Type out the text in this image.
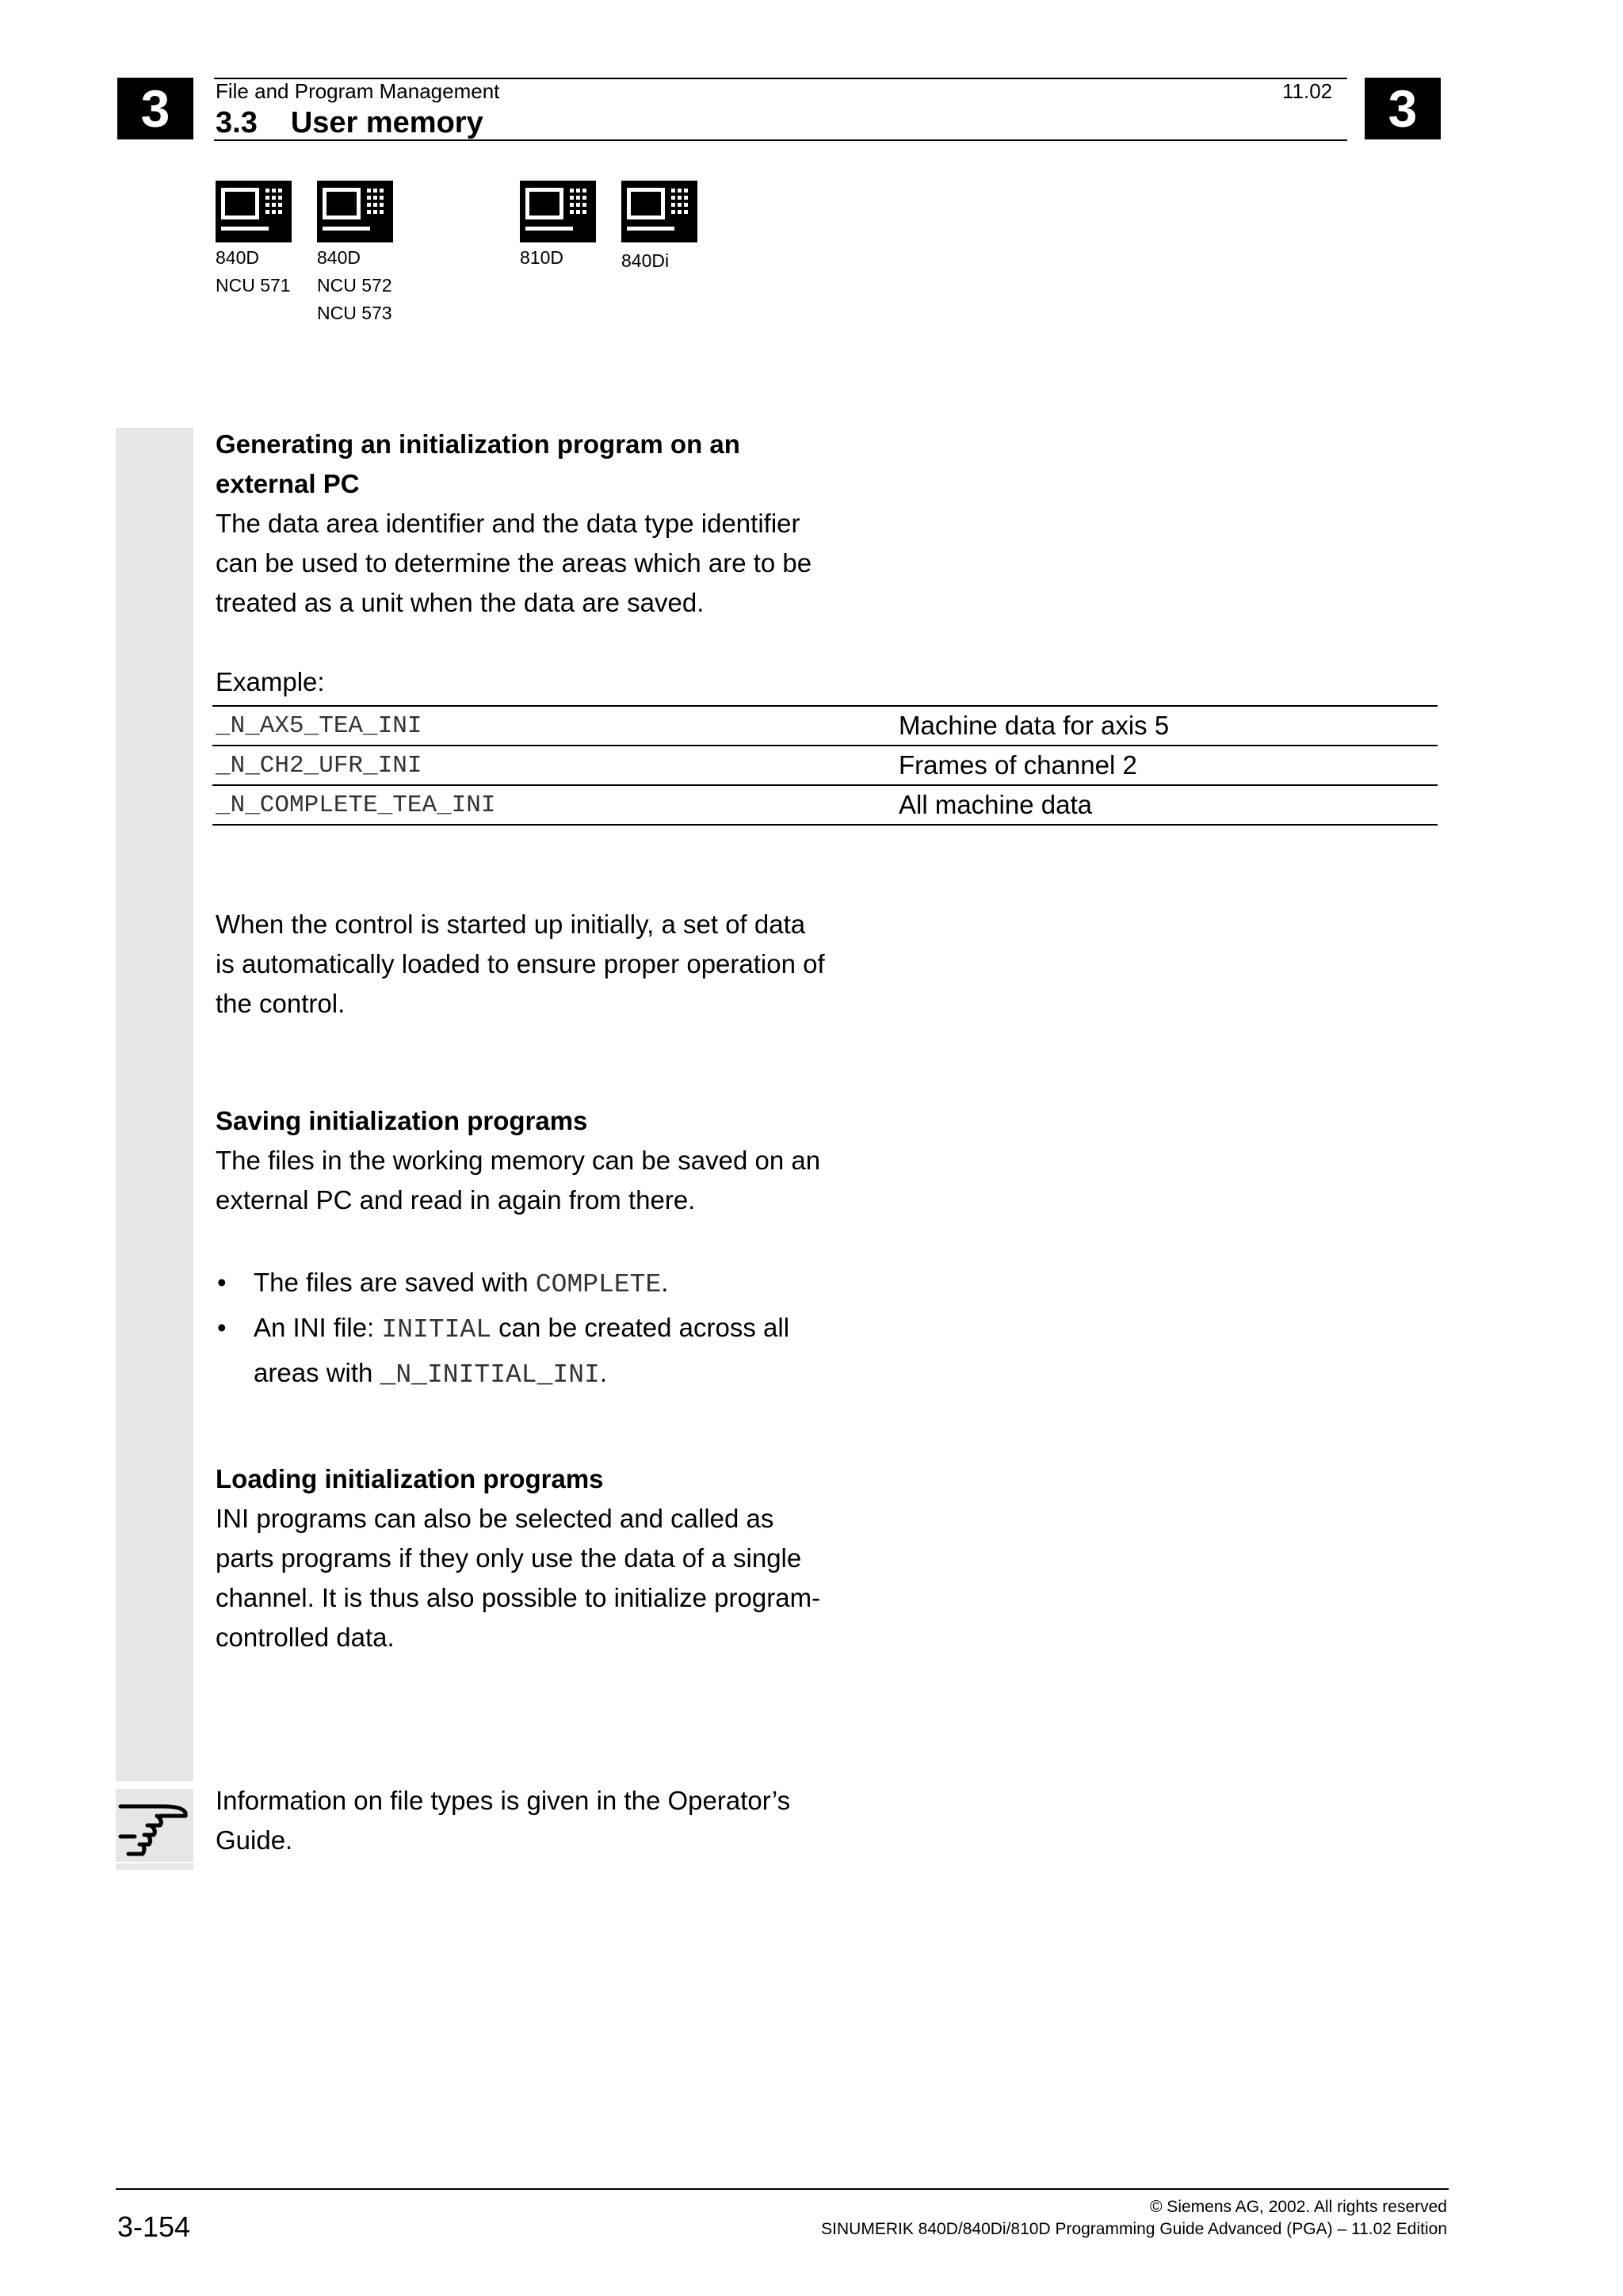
3	3
File and Program Management	11.02
3.3 User memory
840D
NCU 571
840D
NCU 572
NCU 573
810D	840Di
Generating an initialization program on an
external PC
The data area identifier and the data type identifier
can be used to determine the areas which are to be
treated as a unit when the data are saved.
Example:
_N_AX5_TEA_INI	Machine data for axis 5
_N_CH2_UFR_INI	Frames of channel 2
_N_COMPLETE_TEA_INI	All machine data
When the control is started up initially, a set of data
is automatically loaded to ensure proper operation of
the control.
Saving initialization programs
The files in the working memory can be saved on an
external PC and read in again from there.
• The files are saved with COMPLETE.
• An INI file: INITIAL can be created across all
areas with _N_INITIAL_INI.
Loading initialization programs
INI programs can also be selected and called as
parts programs if they only use the data of a single
channel. It is thus also possible to initialize program-
controlled data.
Information on file types is given in the Operator’s
Guide.
© Siemens AG, 2002. All rights reserved
SINUMERIK 840D/840Di/810D Programming Guide Advanced (PGA) – 11.02 Edition
3-154
